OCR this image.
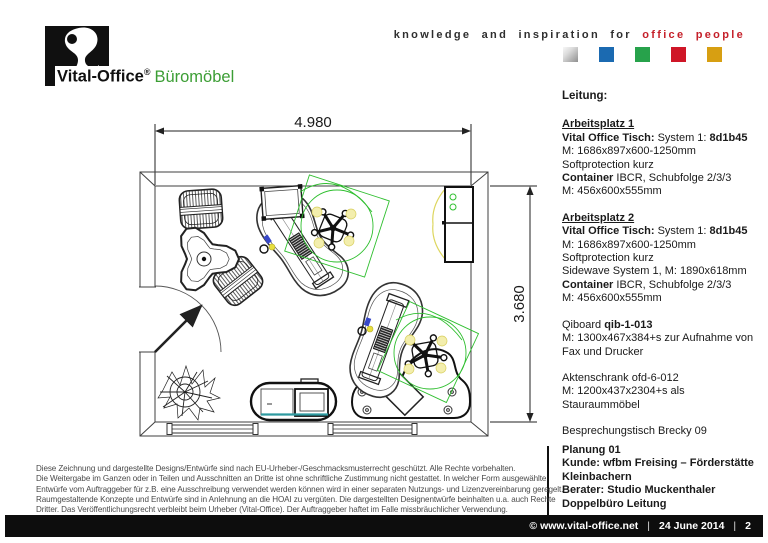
Vital-Office® Büromöbel
knowledge and inspiration for office people
4.980
3.680
Leitung:
Arbeitsplatz 1
Vital Office Tisch: System 1: 8d1b45
M: 1686x897x600-1250mm
Softprotection kurz
Container IBCR, Schubfolge 2/3/3
M: 456x600x555mm
Arbeitsplatz 2
Vital Office Tisch: System 1: 8d1b45
M: 1686x897x600-1250mm
Softprotection kurz
Sidewave System 1, M: 1890x618mm
Container IBCR, Schubfolge 2/3/3
M: 456x600x555mm
Qiboard qib-1-013
M: 1300x467x384+s zur Aufnahme von
Fax und Drucker
Aktenschrank ofd-6-012
M: 1200x437x2304+s als
Stauraummöbel
Besprechungstisch Brecky 09
Planung 01
Kunde: wfbm Freising – Förderstätte
Kleinbachern
Berater: Studio Muckenthaler
Doppelbüro Leitung
Diese Zeichnung und dargestellte Designs/Entwürfe sind nach EU-Urheber-/Geschmacksmusterrecht geschützt. Alle Rechte vorbehalten.
Die Weitergabe im Ganzen oder in Teilen und Ausschnitten an Dritte ist ohne schriftliche Zustimmung nicht gestattet. In welcher Form ausgewählte
Entwürfe vom Auftraggeber für z.B. eine Ausschreibung verwendet werden können wird in einer separaten Nutzungs- und Lizenzvereinbarung geregelt.
Raumgestaltende Konzepte und Entwürfe sind in Anlehnung an die HOAI zu vergüten. Die dargestellten Designentwürfe beinhalten u.a. auch Rechte
Dritter. Das Veröffentlichungsrecht verbleibt beim Urheber (Vital-Office). Der Auftraggeber haftet im Falle missbräuchlicher Verwendung.
© www.vital-office.net | 24 June 2014 | 2
